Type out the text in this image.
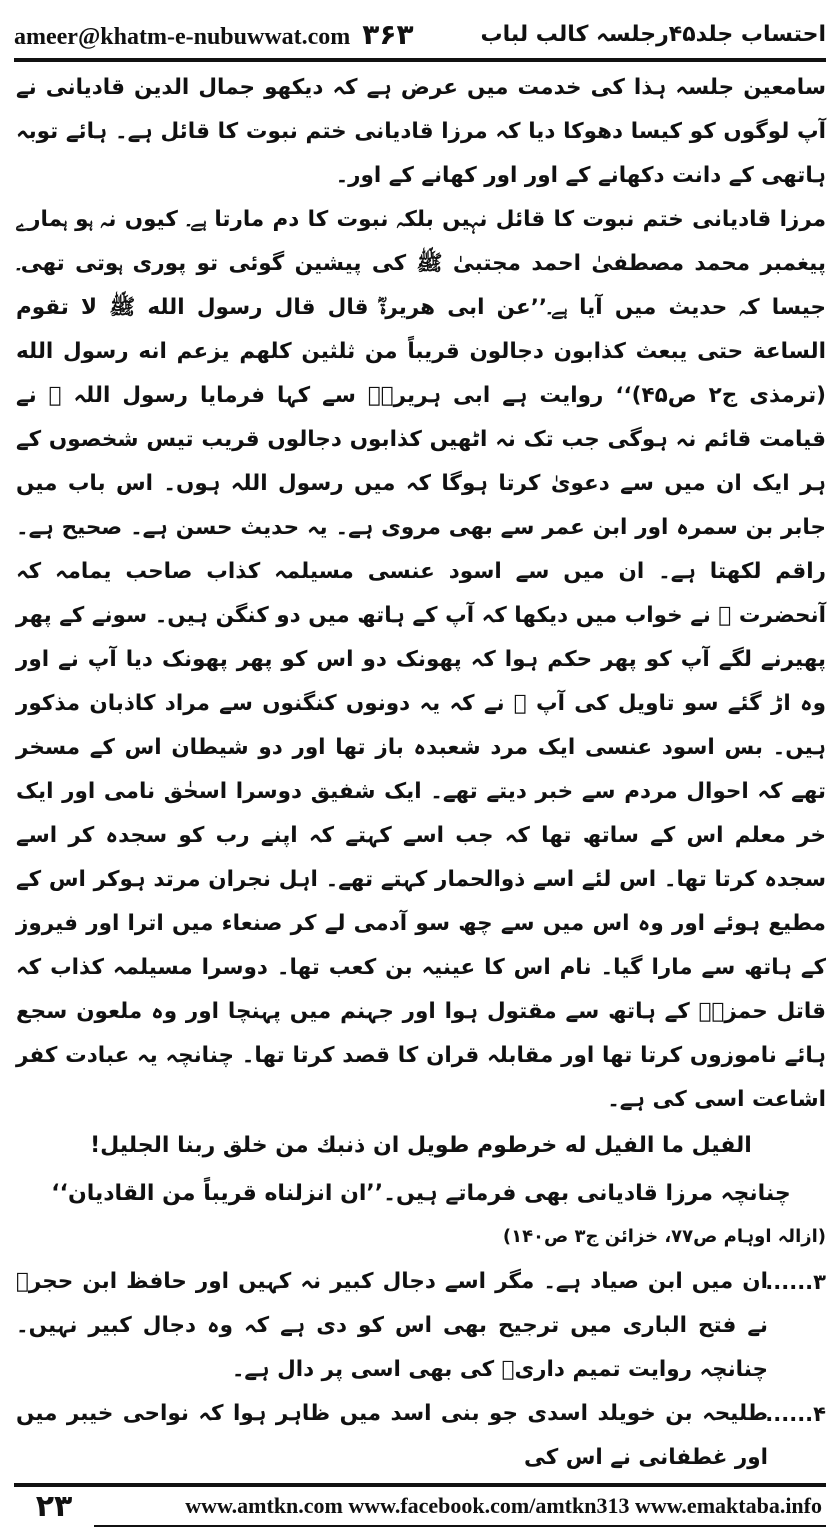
ameer@khatm-e-nubuwwat.com ۳۶۳	احتساب جلد۴۵رجلسہ کالب لباب

سامعین جلسہ ہذا کی خدمت میں عرض ہے کہ دیکھو جمال الدین قادیانی نے آپ لوگوں کو کیسا دھوکا دیا کہ مرزا قادیانی ختم نبوت کا قائل ہے۔ ہائے توبہ ہاتھی کے دانت دکھانے کے اور اور کھانے کے اور۔

مرزا قادیانی ختم نبوت کا قائل نہیں بلکہ نبوت کا دم مارتا ہے۔ کیوں نہ ہو ہمارے پیغمبر محمد مصطفیٰ احمد مجتبیٰ ﷺ کی پیشین گوئی تو پوری ہوتی تھی۔ جیسا کہ حدیث میں آیا ہے۔’’عن ابی هريرةؓ قال قال رسول الله ﷺ لا تقوم الساعة حتى يبعث كذابون دجالون قريباً من ثلثين كلهم يزعم انه رسول الله (ترمذی ج۲ ص۴۵)‘‘ روایت ہے ابی ہریرہؓ سے کہا فرمایا رسول اللہ ﷺ نے قیامت قائم نہ ہوگی جب تک نہ اٹھیں کذابوں دجالوں قریب تیس شخصوں کے ہر ایک ان میں سے دعویٰ کرتا ہوگا کہ میں رسول اللہ ہوں۔ اس باب میں جابر بن سمرہ اور ابن عمر سے بھی مروی ہے۔ یہ حدیث حسن ہے۔ صحیح ہے۔ راقم لکھتا ہے۔ ان میں سے اسود عنسی مسیلمہ کذاب صاحب یمامہ کہ آنحضرت ﷺ نے خواب میں دیکھا کہ آپ کے ہاتھ میں دو کنگن ہیں۔ سونے کے پھر پھیرنے لگے آپ کو پھر حکم ہوا کہ پھونک دو اس کو پھر پھونک دیا آپ نے اور وہ اڑ گئے سو تاویل کی آپ ﷺ نے کہ یہ دونوں کنگنوں سے مراد کاذبان مذکور ہیں۔ بس اسود عنسی ایک مرد شعبدہ باز تھا اور دو شیطان اس کے مسخر تھے کہ احوال مردم سے خبر دیتے تھے۔ ایک شفیق دوسرا اسحٰق نامی اور ایک خر معلم اس کے ساتھ تھا کہ جب اسے کہتے کہ اپنے رب کو سجدہ کر اسے سجدہ کرتا تھا۔ اس لئے اسے ذوالحمار کہتے تھے۔ اہل نجران مرتد ہوکر اس کے مطیع ہوئے اور وہ اس میں سے چھ سو آدمی لے کر صنعاء میں اترا اور فیروز کے ہاتھ سے مارا گیا۔ نام اس کا عینیہ بن کعب تھا۔ دوسرا مسیلمہ کذاب کہ قاتل حمزہؓ کے ہاتھ سے مقتول ہوا اور جہنم میں پہنچا اور وہ ملعون سجع ہائے ناموزوں کرتا تھا اور مقابلہ قران کا قصد کرتا تھا۔ چنانچہ یہ عبادت کفر اشاعت اسی کی ہے۔

الفيل ما الفيل له خرطوم طويل ان ذنبك من خلق ربنا الجليل!

چنانچہ مرزا قادیانی بھی فرماتے ہیں۔’’ان انزلناه قريباً من القاديان‘‘

(ازالہ اوہام ص۷۷، خزائن ج۳ ص۱۴۰)

۳......
ان میں ابن صیاد ہے۔ مگر اسے دجال کبیر نہ کہیں اور حافظ ابن حجرؒ نے فتح الباری میں ترجیح بھی اس کو دی ہے کہ وہ دجال کبیر نہیں۔ چنانچہ روایت تمیم داریؓ کی بھی اسی پر دال ہے۔
۴......
طلیحہ بن خویلد اسدی جو بنی اسد میں ظاہر ہوا کہ نواحی خیبر میں اور غطفانی نے اس کی
۲۳	www.amtkn.com www.facebook.com/amtkn313 www.emaktaba.info
